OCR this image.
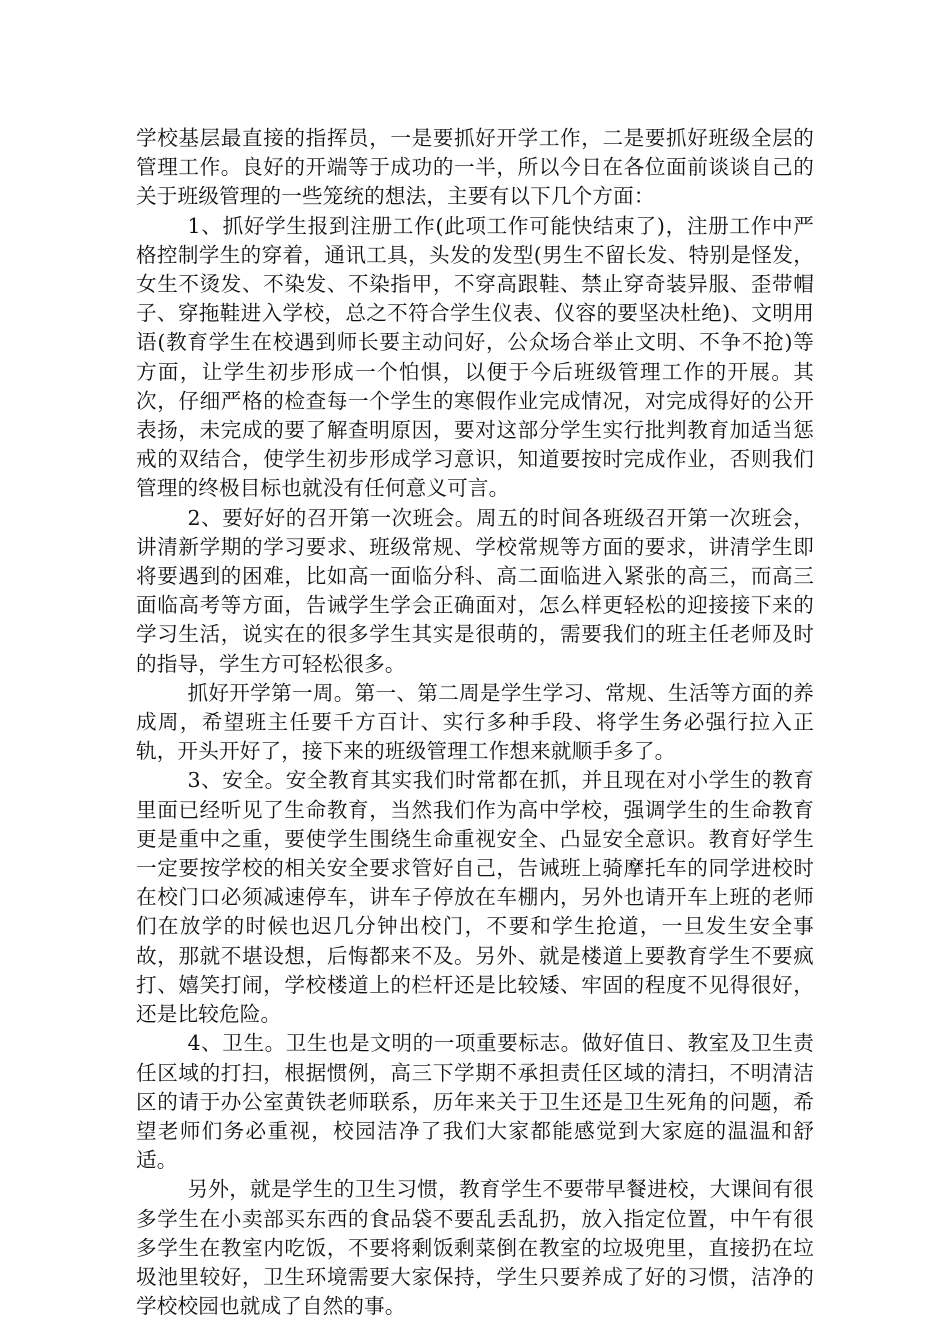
学校基层最直接的指挥员，一是要抓好开学工作，二是要抓好班级全层的管理工作。良好的开端等于成功的一半，所以今日在各位面前谈谈自己的关于班级管理的一些笼统的想法，主要有以下几个方面：

1、抓好学生报到注册工作(此项工作可能快结束了)，注册工作中严格控制学生的穿着，通讯工具，头发的发型(男生不留长发、特别是怪发，女生不烫发、不染发、不染指甲，不穿高跟鞋、禁止穿奇装异服、歪带帽子、穿拖鞋进入学校，总之不符合学生仪表、仪容的要坚决杜绝)、文明用语(教育学生在校遇到师长要主动问好，公众场合举止文明、不争不抢)等方面，让学生初步形成一个怕惧，以便于今后班级管理工作的开展。其次，仔细严格的检查每一个学生的寒假作业完成情况，对完成得好的公开表扬，未完成的要了解查明原因，要对这部分学生实行批判教育加适当惩戒的双结合，使学生初步形成学习意识，知道要按时完成作业，否则我们管理的终极目标也就没有任何意义可言。

2、要好好的召开第一次班会。周五的时间各班级召开第一次班会，讲清新学期的学习要求、班级常规、学校常规等方面的要求，讲清学生即将要遇到的困难，比如高一面临分科、高二面临进入紧张的高三，而高三面临高考等方面，告诫学生学会正确面对，怎么样更轻松的迎接接下来的学习生活，说实在的很多学生其实是很萌的，需要我们的班主任老师及时的指导，学生方可轻松很多。

抓好开学第一周。第一、第二周是学生学习、常规、生活等方面的养成周，希望班主任要千方百计、实行多种手段、将学生务必强行拉入正轨，开头开好了，接下来的班级管理工作想来就顺手多了。

3、安全。安全教育其实我们时常都在抓，并且现在对小学生的教育里面已经听见了生命教育，当然我们作为高中学校，强调学生的生命教育更是重中之重，要使学生围绕生命重视安全、凸显安全意识。教育好学生一定要按学校的相关安全要求管好自己，告诫班上骑摩托车的同学进校时在校门口必须减速停车，讲车子停放在车棚内，另外也请开车上班的老师们在放学的时候也迟几分钟出校门，不要和学生抢道，一旦发生安全事故，那就不堪设想，后悔都来不及。另外、就是楼道上要教育学生不要疯打、嬉笑打闹，学校楼道上的栏杆还是比较矮、牢固的程度不见得很好，还是比较危险。

4、卫生。卫生也是文明的一项重要标志。做好值日、教室及卫生责任区域的打扫，根据惯例，高三下学期不承担责任区域的清扫，不明清洁区的请于办公室黄铁老师联系，历年来关于卫生还是卫生死角的问题，希望老师们务必重视，校园洁净了我们大家都能感觉到大家庭的温温和舒适。

另外，就是学生的卫生习惯，教育学生不要带早餐进校，大课间有很多学生在小卖部买东西的食品袋不要乱丢乱扔，放入指定位置，中午有很多学生在教室内吃饭，不要将剩饭剩菜倒在教室的垃圾兜里，直接扔在垃圾池里较好，卫生环境需要大家保持，学生只要养成了好的习惯，洁净的学校校园也就成了自然的事。
